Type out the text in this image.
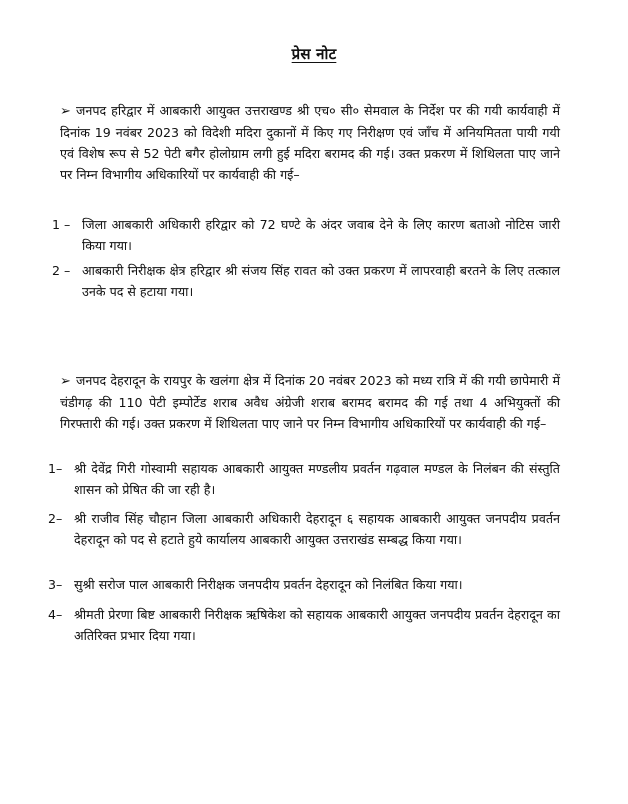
प्रेस नोट
➢ जनपद हरिद्वार में आबकारी आयुक्त उत्तराखण्ड श्री एच० सी० सेमवाल के निर्देश पर की गयी कार्यवाही में दिनांक 19 नवंबर 2023 को विदेशी मदिरा दुकानों में किए गए निरीक्षण एवं जाँच में अनियमितता पायी गयी एवं विशेष रूप से 52 पेटी बगैर होलोग्राम लगी हुई मदिरा बरामद की गई। उक्त प्रकरण में शिथिलता पाए जाने पर निम्न विभागीय अधिकारियों पर कार्यवाही की गई–
1 – जिला आबकारी अधिकारी हरिद्वार को 72 घण्टे के अंदर जवाब देने के लिए कारण बताओ नोटिस जारी किया गया।
2 – आबकारी निरीक्षक क्षेत्र हरिद्वार श्री संजय सिंह रावत को उक्त प्रकरण में लापरवाही बरतने के लिए तत्काल उनके पद से हटाया गया।
➢ जनपद देहरादून के रायपुर के खलंगा क्षेत्र में दिनांक 20 नवंबर 2023 को मध्य रात्रि में की गयी छापेमारी में चंडीगढ़ की 110 पेटी इम्पोर्टेड शराब अवैध अंग्रेजी शराब बरामद बरामद की गई तथा 4 अभियुक्तों की गिरफ्तारी की गई। उक्त प्रकरण में शिथिलता पाए जाने पर निम्न विभागीय अधिकारियों पर कार्यवाही की गई–
1– श्री देवेंद्र गिरी गोस्वामी सहायक आबकारी आयुक्त मण्डलीय प्रवर्तन गढ़वाल मण्डल के निलंबन की संस्तुति शासन को प्रेषित की जा रही है।
2– श्री राजीव सिंह चौहान जिला आबकारी अधिकारी देहरादून ६ सहायक आबकारी आयुक्त जनपदीय प्रवर्तन देहरादून को पद से हटाते हुये कार्यालय आबकारी आयुक्त उत्तराखंड सम्बद्ध किया गया।
3– सुश्री सरोज पाल आबकारी निरीक्षक जनपदीय प्रवर्तन देहरादून को निलंबित किया गया।
4– श्रीमती प्रेरणा बिष्ट आबकारी निरीक्षक ऋषिकेश को सहायक आबकारी आयुक्त जनपदीय प्रवर्तन देहरादून का अतिरिक्त प्रभार दिया गया।
